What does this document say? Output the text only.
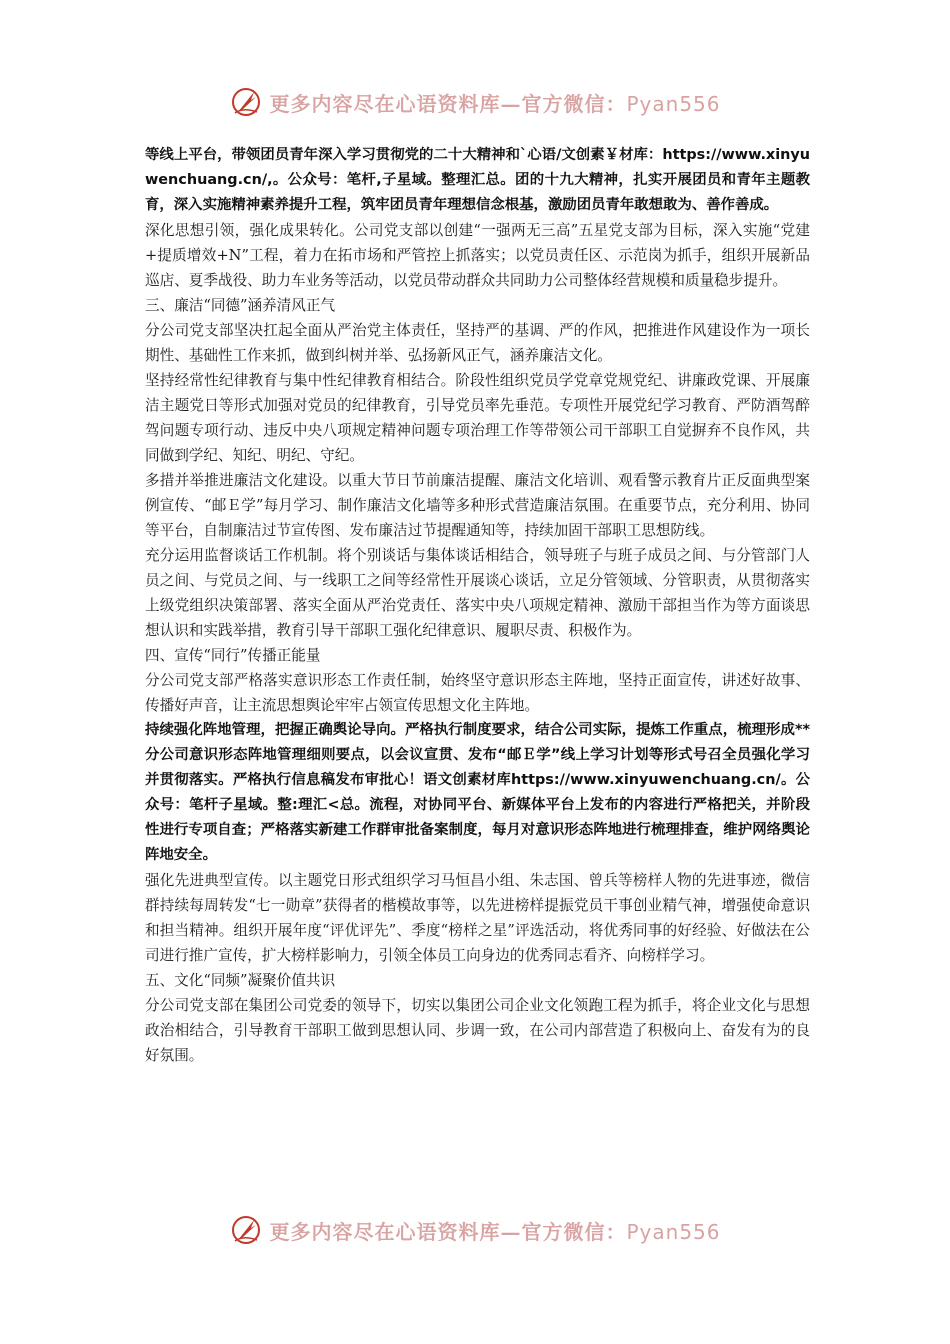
更多内容尽在心语资料库—官方微信：Pyan556

等线上平台，带领团员青年深入学习贯彻党的二十大精神和`心语/文创素￥材库：https://www.xinyuwenchuang.cn/,。公众号：笔杆,子星域。整理汇总。团的十九大精神，扎实开展团员和青年主题教育，深入实施精神素养提升工程，筑牢团员青年理想信念根基，激励团员青年敢想敢为、善作善成。

深化思想引领，强化成果转化。公司党支部以创建“一强两无三高”五星党支部为目标，深入实施“党建+提质增效+N”工程，着力在拓市场和严管控上抓落实；以党员责任区、示范岗为抓手，组织开展新品巡店、夏季战役、助力车业务等活动，以党员带动群众共同助力公司整体经营规模和质量稳步提升。

三、廉洁“同德”涵养清风正气

分公司党支部坚决扛起全面从严治党主体责任，坚持严的基调、严的作风，把推进作风建设作为一项长期性、基础性工作来抓，做到纠树并举、弘扬新风正气，涵养廉洁文化。

坚持经常性纪律教育与集中性纪律教育相结合。阶段性组织党员学党章党规党纪、讲廉政党课、开展廉洁主题党日等形式加强对党员的纪律教育，引导党员率先垂范。专项性开展党纪学习教育、严防酒驾醉驾问题专项行动、违反中央八项规定精神问题专项治理工作等带领公司干部职工自觉摒弃不良作风，共同做到学纪、知纪、明纪、守纪。

多措并举推进廉洁文化建设。以重大节日节前廉洁提醒、廉洁文化培训、观看警示教育片正反面典型案例宣传、“邮Ｅ学”每月学习、制作廉洁文化墙等多种形式营造廉洁氛围。在重要节点，充分利用、协同等平台，自制廉洁过节宣传图、发布廉洁过节提醒通知等，持续加固干部职工思想防线。

充分运用监督谈话工作机制。将个别谈话与集体谈话相结合，领导班子与班子成员之间、与分管部门人员之间、与党员之间、与一线职工之间等经常性开展谈心谈话，立足分管领域、分管职责，从贯彻落实上级党组织决策部署、落实全面从严治党责任、落实中央八项规定精神、激励干部担当作为等方面谈思想认识和实践举措，教育引导干部职工强化纪律意识、履职尽责、积极作为。

四、宣传“同行”传播正能量

分公司党支部严格落实意识形态工作责任制，始终坚守意识形态主阵地，坚持正面宣传，讲述好故事、传播好声音，让主流思想舆论牢牢占领宣传思想文化主阵地。

持续强化阵地管理，把握正确舆论导向。严格执行制度要求，结合公司实际，提炼工作重点，梳理形成**分公司意识形态阵地管理细则要点，以会议宣贯、发布“邮Ｅ学”线上学习计划等形式号召全员强化学习并贯彻落实。严格执行信息稿发布审批心！语文创素材库https://www.xinyuwenchuang.cn/。公众号：笔杆子星域。整:理汇<总。流程，对协同平台、新媒体平台上发布的内容进行严格把关，并阶段性进行专项自查；严格落实新建工作群审批备案制度，每月对意识形态阵地进行梳理排查，维护网络舆论阵地安全。

强化先进典型宣传。以主题党日形式组织学习马恒昌小组、朱志国、曾兵等榜样人物的先进事迹，微信群持续每周转发“七一勋章”获得者的楷模故事等，以先进榜样提振党员干事创业精气神，增强使命意识和担当精神。组织开展年度“评优评先”、季度“榜样之星”评选活动，将优秀同事的好经验、好做法在公司进行推广宣传，扩大榜样影响力，引领全体员工向身边的优秀同志看齐、向榜样学习。

五、文化“同频”凝聚价值共识

分公司党支部在集团公司党委的领导下，切实以集团公司企业文化领跑工程为抓手，将企业文化与思想政治相结合，引导教育干部职工做到思想认同、步调一致，在公司内部营造了积极向上、奋发有为的良好氛围。

更多内容尽在心语资料库—官方微信：Pyan556
